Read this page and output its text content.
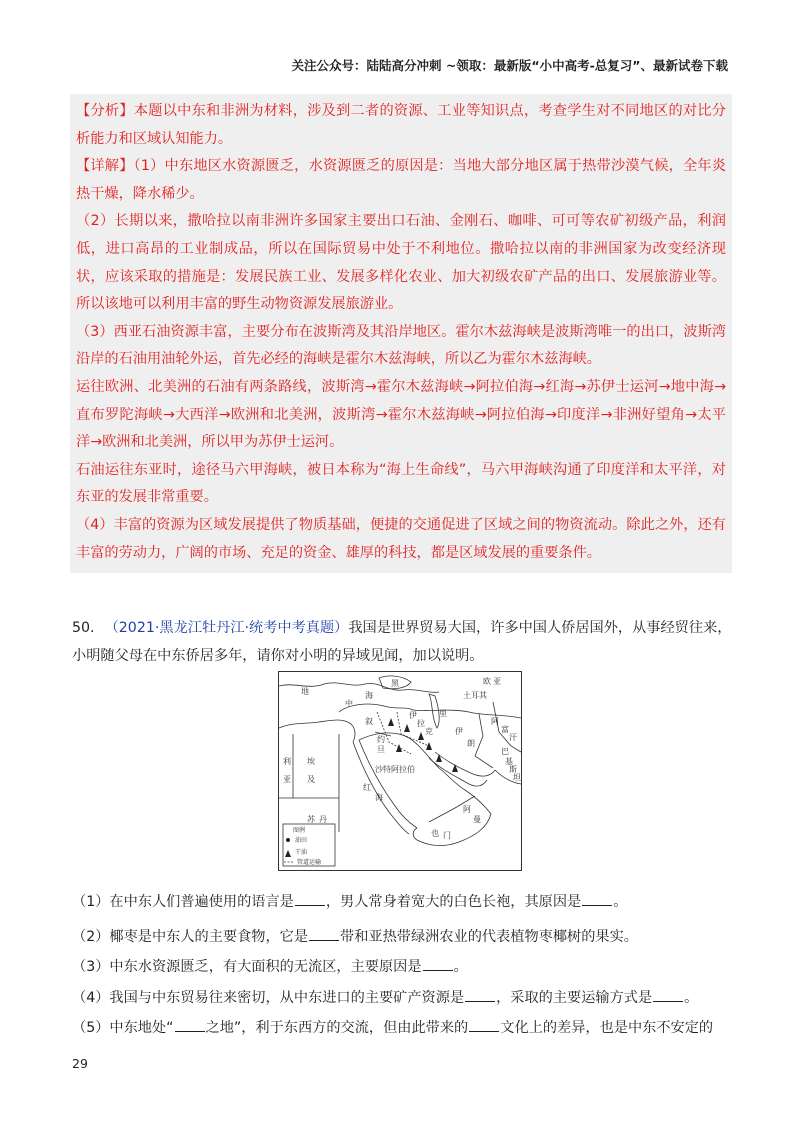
关注公众号：陆陆高分冲刺 ~领取：最新版“小中高考-总复习”、最新试卷下载

【分析】本题以中东和非洲为材料，涉及到二者的资源、工业等知识点，考查学生对不同地区的对比分析能力和区域认知能力。

【详解】（1）中东地区水资源匮乏，水资源匮乏的原因是：当地大部分地区属于热带沙漠气候，全年炎热干燥，降水稀少。

（2）长期以来，撒哈拉以南非洲许多国家主要出口石油、金刚石、咖啡、可可等农矿初级产品，利润低，进口高昂的工业制成品，所以在国际贸易中处于不利地位。撒哈拉以南的非洲国家为改变经济现状，应该采取的措施是：发展民族工业、发展多样化农业、加大初级农矿产品的出口、发展旅游业等。所以该地可以利用丰富的野生动物资源发展旅游业。

（3）西亚石油资源丰富，主要分布在波斯湾及其沿岸地区。霍尔木兹海峡是波斯湾唯一的出口，波斯湾沿岸的石油用油轮外运，首先必经的海峡是霍尔木兹海峡，所以乙为霍尔木兹海峡。

运往欧洲、北美洲的石油有两条路线，波斯湾→霍尔木兹海峡→阿拉伯海→红海→苏伊士运河→地中海→直布罗陀海峡→大西洋→欧洲和北美洲，波斯湾→霍尔木兹海峡→阿拉伯海→印度洋→非洲好望角→太平洋→欧洲和北美洲，所以甲为苏伊士运河。

石油运往东亚时，途径马六甲海峡，被日本称为“海上生命线”，马六甲海峡沟通了印度洋和太平洋，对东亚的发展非常重要。

（4）丰富的资源为区域发展提供了物质基础，便捷的交通促进了区域之间的物资流动。除此之外，还有丰富的劳动力，广阔的市场、充足的资金、雄厚的科技，都是区域发展的重要条件。

50. （2021·黑龙江牡丹江·统考中考真题）我国是世界贸易大国，许多中国人侨居国外，从事经贸往来，小明随父母在中东侨居多年，请你对小明的异域见闻，加以说明。
地
中
海
埃
及
沙特阿拉伯
利
亚
黑
里
土耳其
伊
朗
阿
富
汗
巴
基
斯
坦
叙
红
海
阿
曼
也 门
伊
拉
克
约
旦
苏 丹
欧 亚
图例
油田
干油
管道运输
（1）在中东人们普遍使用的语言是 ，男人常身着宽大的白色长袍，其原因是 。
（2）椰枣是中东人的主要食物，它是 带和亚热带绿洲农业的代表植物枣椰树的果实。
（3）中东水资源匮乏，有大面积的无流区，主要原因是 。
（4）我国与中东贸易往来密切，从中东进口的主要矿产资源是 ，采取的主要运输方式是 。
（5）中东地处“ 之地”，利于东西方的交流，但由此带来的 文化上的差异，也是中东不安定的
29
